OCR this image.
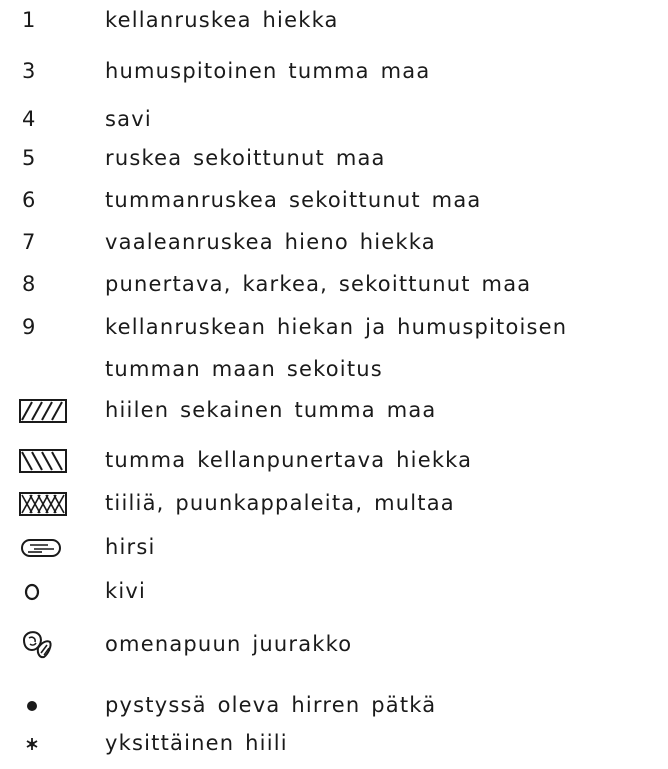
1	kellanruskea hiekka
3	humuspitoinen tumma maa
4	savi
5	ruskea sekoittunut maa
6	tummanruskea sekoittunut maa
7	vaaleanruskea hieno hiekka
8	punertava, karkea, sekoittunut maa
9	kellanruskean hiekan ja humuspitoisen
tumman maan sekoitus
hiilen sekainen tumma maa
tumma kellanpunertava hiekka
tiiliä, puunkappaleita, multaa
hirsi
kivi
omenapuun juurakko
pystyssä oleva hirren pätkä
yksittäinen hiili
